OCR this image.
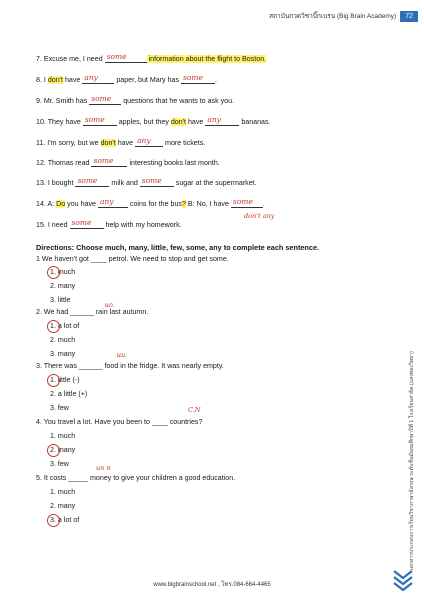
สถาบันกวดวิชาบิ๊กเบรน (Big Brain Academy)	72
เอกสารประกอบการเรียนวิชาภาษาอังกฤษ ระดับชั้นมัธยมศึกษาปีที่ 1 โรงเรียนสาธิต (แสงทองวิทยา)
7. Excuse me, I need some	information about the flight to Boston.
8. I don't have any paper, but Mary has some .
9. Mr. Smith has some questions that he wants to ask you.
10. They have some apples, but they don't have any	bananas.
11. I'm sorry, but we don't have any more tickets.
12. Thomas read some interesting books last month.
13. I bought some milk and some sugar at the supermarket.
14. A: Do you have any coins for the bus? B: No, I have some .
15. I need some help with my homework.
don't any
Directions: Choose much, many, little, few, some, any to complete each sentence.
1 We haven't got ____ petrol. We need to stop and get some.
1. much
2. many
3. little
นก.
2. We had ______ rain last autumn.
1. a lot of
2. much
3. many	นบ.
3. There was ______ food in the fridge. It was nearly empty.
1. little (-)
2. a little (+)
3. few	C.N
4. You travel a lot. Have you been to ____ countries?
1. much
2. many
3. few	un n
5. It costs _____ money to give your children a good education.
1. much
2. many
3. a lot of
www.bigbrainschool.net , โทร.084-664-4465
